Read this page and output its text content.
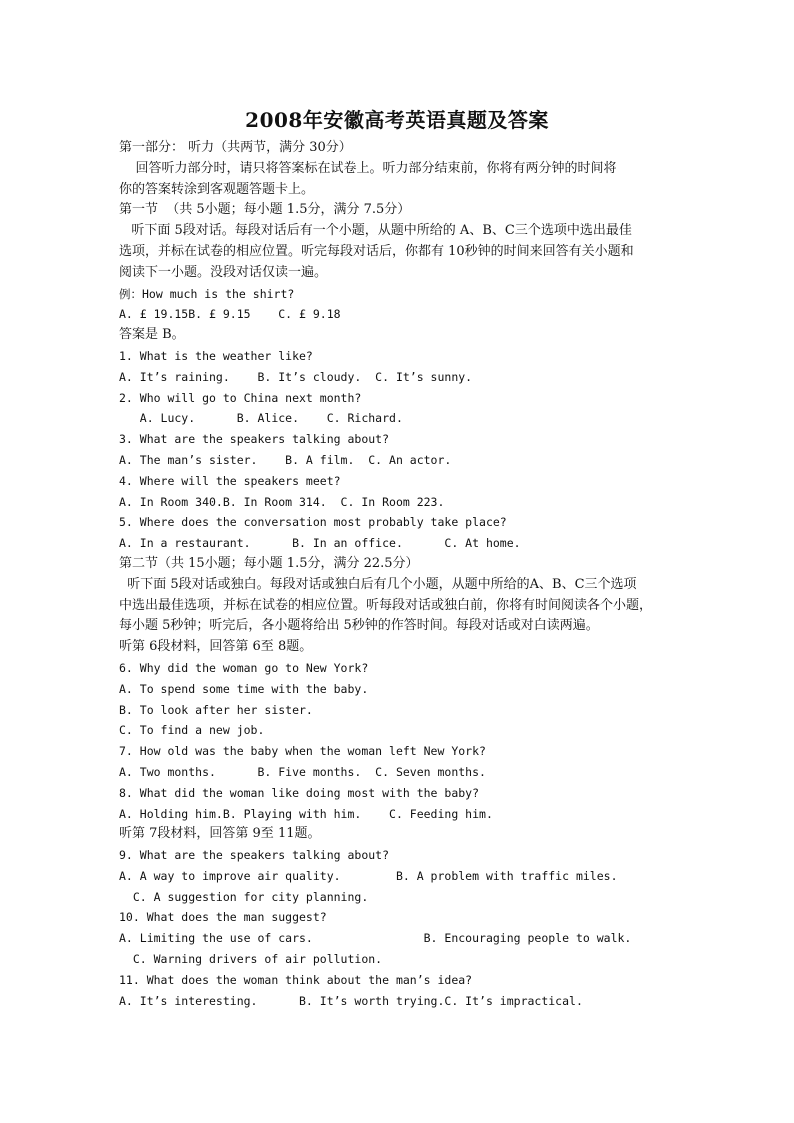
2008年安徽高考英语真题及答案
第一部分： 听力（共两节，满分 30分）
回答听力部分时，请只将答案标在试卷上。听力部分结束前，你将有两分钟的时间将
你的答案转涂到客观题答题卡上。
第一节  （共 5小题；每小题 1.5分，满分 7.5分）
听下面 5段对话。每段对话后有一个小题，从题中所给的 A、B、C三个选项中选出最佳
选项，并标在试卷的相应位置。听完每段对话后，你都有 10秒钟的时间来回答有关小题和
阅读下一小题。没段对话仅读一遍。
例：How much is the shirt?
A. £ 19.15B. £ 9.15    C. £ 9.18
答案是 B。
1. What is the weather like?
A. It’s raining.    B. It’s cloudy.  C. It’s sunny.
2. Who will go to China next month?
A. Lucy.      B. Alice.    C. Richard.
3. What are the speakers talking about?
A. The man’s sister.    B. A film.  C. An actor.
4. Where will the speakers meet?
A. In Room 340.B. In Room 314.  C. In Room 223.
5. Where does the conversation most probably take place?
A. In a restaurant.      B. In an office.      C. At home.
第二节（共 15小题；每小题 1.5分，满分 22.5分）
听下面 5段对话或独白。每段对话或独白后有几个小题，从题中所给的A、B、C三个选项
中选出最佳选项，并标在试卷的相应位置。听每段对话或独白前，你将有时间阅读各个小题，
每小题 5秒钟；听完后，各小题将给出 5秒钟的作答时间。每段对话或对白读两遍。
听第 6段材料，回答第 6至 8题。
6. Why did the woman go to New York?
A. To spend some time with the baby.
B. To look after her sister.
C. To find a new job.
7. How old was the baby when the woman left New York?
A. Two months.      B. Five months.  C. Seven months.
8. What did the woman like doing most with the baby?
A. Holding him.B. Playing with him.    C. Feeding him.
听第 7段材料，回答第 9至 11题。
9. What are the speakers talking about?
A. A way to improve air quality.        B. A problem with traffic miles.
C. A suggestion for city planning.
10. What does the man suggest?
A. Limiting the use of cars.                B. Encouraging people to walk.
C. Warning drivers of air pollution.
11. What does the woman think about the man’s idea?
A. It’s interesting.      B. It’s worth trying.C. It’s impractical.
